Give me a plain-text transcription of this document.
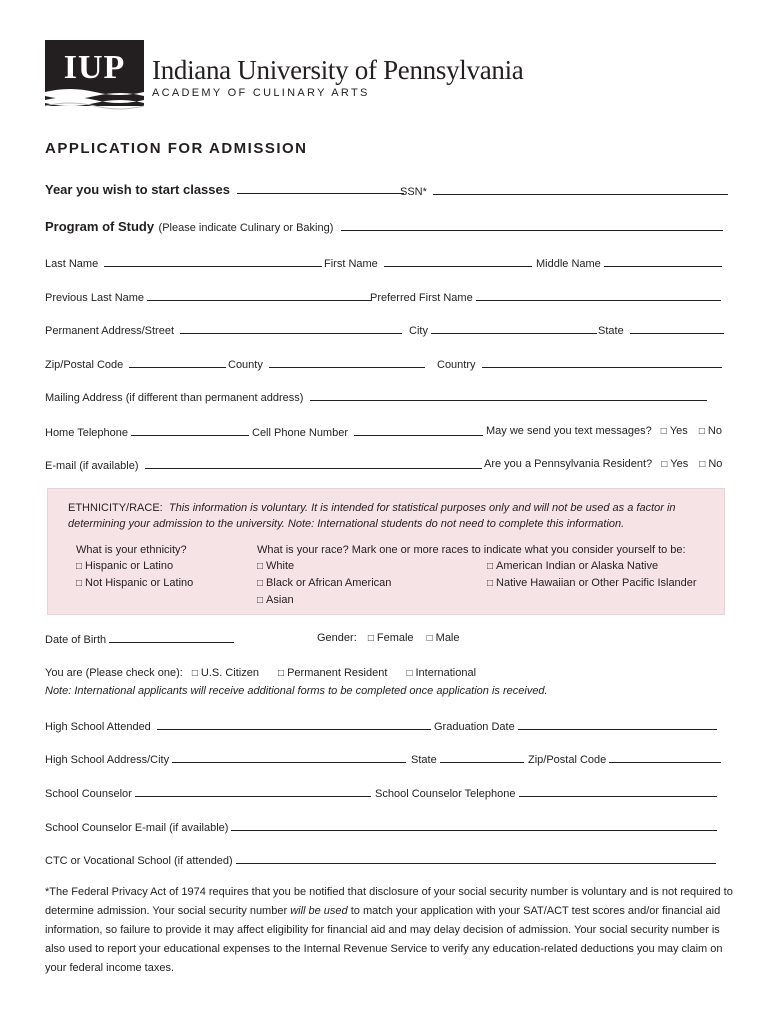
IUP Indiana University of Pennsylvania
ACADEMY OF CULINARY ARTS
APPLICATION FOR ADMISSION
Year you wish to start classes	SSN*
Program of Study (Please indicate Culinary or Baking)
Last Name	First Name	Middle Name
Previous Last Name	Preferred First Name
Permanent Address/Street	City	State
Zip/Postal Code	County	Country
Mailing Address (if different than permanent address)
Home Telephone	Cell Phone Number	May we send you text messages? □ Yes □ No
E-mail (if available)	Are you a Pennsylvania Resident? □ Yes □ No
ETHNICITY/RACE: This information is voluntary. It is intended for statistical purposes only and will not be used as a factor in
determining your admission to the university. Note: International students do not need to complete this information.
What is your ethnicity?
□ Hispanic or Latino
□ Not Hispanic or Latino
What is your race? Mark one or more races to indicate what you consider yourself to be:
□ White
□ Black or African American
□ Asian
□ American Indian or Alaska Native
□ Native Hawaiian or Other Pacific Islander
Date of Birth	Gender: □ Female □ Male
You are (Please check one): □ U.S. Citizen □ Permanent Resident □ International
Note: International applicants will receive additional forms to be completed once application is received.
High School Attended	Graduation Date
High School Address/City	State	Zip/Postal Code
School Counselor	School Counselor Telephone
School Counselor E-mail (if available)
CTC or Vocational School (if attended)
*The Federal Privacy Act of 1974 requires that you be notified that disclosure of your social security number is voluntary and is not required to determine admission. Your social security number will be used to match your application with your SAT/ACT test scores and/or financial aid information, so failure to provide it may affect eligibility for financial aid and may delay decision of admission. Your social security number is also used to report your educational expenses to the Internal Revenue Service to verify any education-related deductions you may claim on your federal income taxes.
